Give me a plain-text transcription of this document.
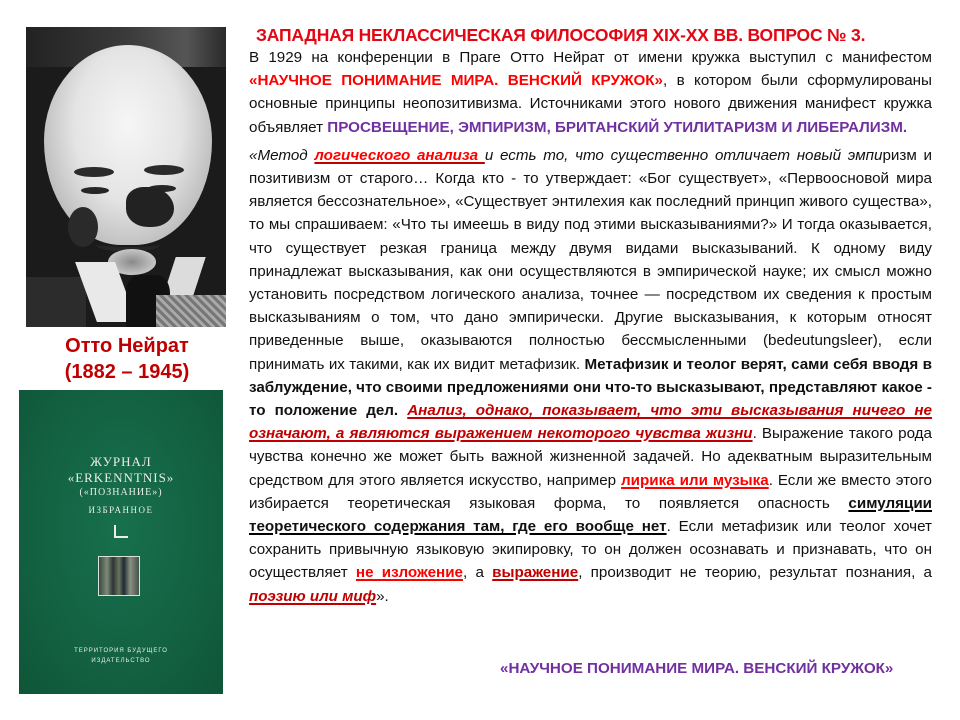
Отто Нейрат
(1882 – 1945)
ЖУРНАЛ
«ERKENNTNIS»
(«ПОЗНАНИЕ»)
ИЗБРАННОЕ
ТЕРРИТОРИЯ БУДУЩЕГО
ИЗДАТЕЛЬСТВО
ЗАПАДНАЯ НЕКЛАССИЧЕСКАЯ ФИЛОСОФИЯ XIX-XX ВВ. ВОПРОС № 3.

В 1929 на конференции в Праге Отто Нейрат от имени кружка выступил с манифестом «НАУЧНОЕ ПОНИМАНИЕ МИРА. ВЕНСКИЙ КРУЖОК», в котором были сформулированы основные принципы неопозитивизма. Источниками этого нового движения манифест кружка объявляет ПРОСВЕЩЕНИЕ, ЭМПИРИЗМ, БРИТАНСКИЙ УТИЛИТАРИЗМ И ЛИБЕРАЛИЗМ.

«Метод логического анализа и есть то, что существенно отличает новый эмпиризм и позитивизм от старого… Когда кто - то утверждает: «Бог существует», «Первоосновой мира является бессознательное», «Существует энтилехия как последний принцип живого существа», то мы спрашиваем: «Что ты имеешь в виду под этими высказываниями?» И тогда оказывается, что существует резкая граница между двумя видами высказываний. К одному виду принадлежат высказывания, как они осуществляются в эмпирической науке; их смысл можно установить посредством логического анализа, точнее — посредством их сведения к простым высказываниям о том, что дано эмпирически. Другие высказывания, к которым относят приведенные выше, оказываются полностью бессмысленными (bedeutungsleer), если принимать их такими, как их видит метафизик. Метафизик и теолог верят, сами себя вводя в заблуждение, что своими предложениями они что-то высказывают, представляют какое - то положение дел. Анализ, однако, показывает, что эти высказывания ничего не означают, а являются выражением некоторого чувства жизни. Выражение такого рода чувства конечно же может быть важной жизненной задачей. Но адекватным выразительным средством для этого является искусство, например лирика или музыка. Если же вместо этого избирается теоретическая языковая форма, то появляется опасность симуляции теоретического содержания там, где его вообще нет. Если метафизик или теолог хочет сохранить привычную языковую экипировку, то он должен осознавать и признавать, что он осуществляет не изложение, а выражение, производит не теорию, результат познания, а поэзию или миф».

«НАУЧНОЕ ПОНИМАНИЕ МИРА. ВЕНСКИЙ КРУЖОК»
